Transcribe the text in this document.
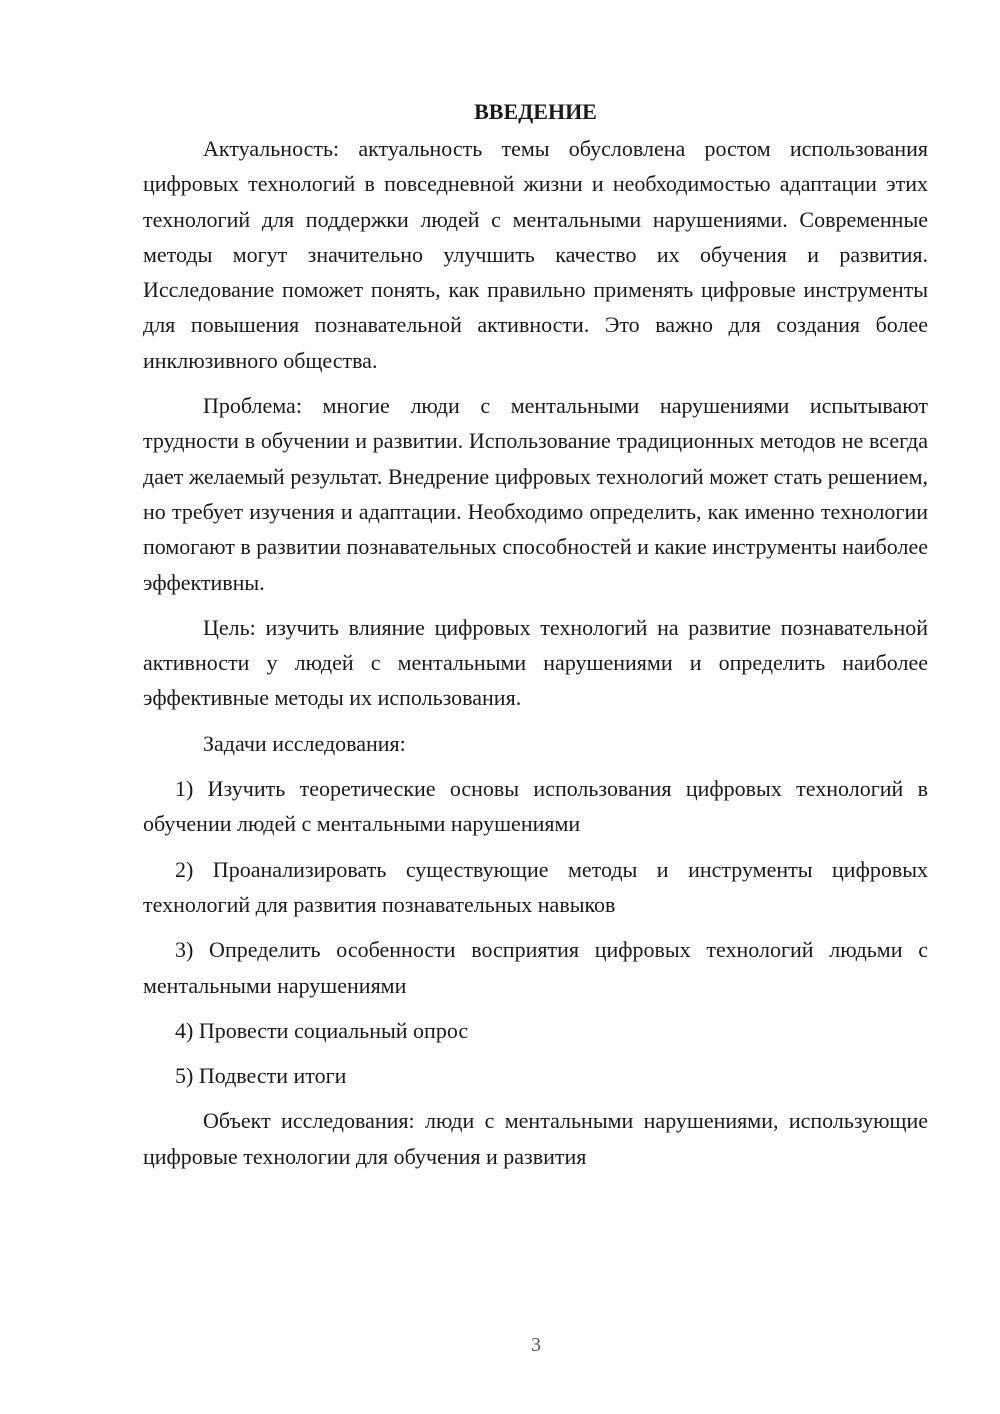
ВВЕДЕНИЕ

Актуальность: актуальность темы обусловлена ростом использования цифровых технологий в повседневной жизни и необходимостью адаптации этих технологий для поддержки людей с ментальными нарушениями. Современные методы могут значительно улучшить качество их обучения и развития. Исследование поможет понять, как правильно применять цифровые инструменты для повышения познавательной активности. Это важно для создания более инклюзивного общества.

Проблема: многие люди с ментальными нарушениями испытывают трудности в обучении и развитии. Использование традиционных методов не всегда дает желаемый результат. Внедрение цифровых технологий может стать решением, но требует изучения и адаптации. Необходимо определить, как именно технологии помогают в развитии познавательных способностей и какие инструменты наиболее эффективны.

Цель: изучить влияние цифровых технологий на развитие познавательной активности у людей с ментальными нарушениями и определить наиболее эффективные методы их использования.

Задачи исследования:

1) Изучить теоретические основы использования цифровых технологий в обучении людей с ментальными нарушениями

2) Проанализировать существующие методы и инструменты цифровых технологий для развития познавательных навыков

3) Определить особенности восприятия цифровых технологий людьми с ментальными нарушениями

4) Провести социальный опрос

5) Подвести итоги

Объект исследования: люди с ментальными нарушениями, использующие цифровые технологии для обучения и развития

3
